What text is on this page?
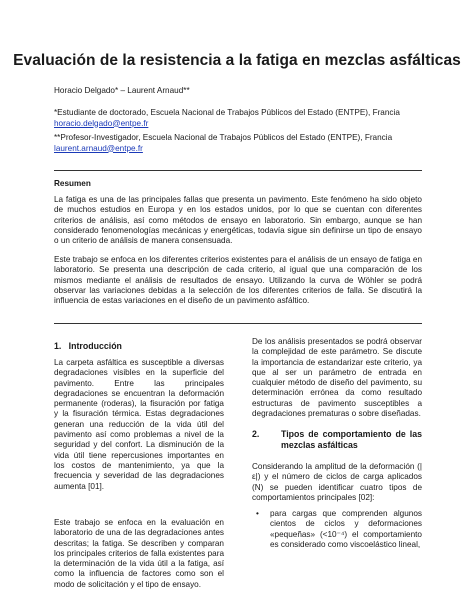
Evaluación de la resistencia a la fatiga en mezclas asfálticas
Horacio Delgado* – Laurent Arnaud**
*Estudiante de doctorado, Escuela Nacional de Trabajos Públicos del Estado (ENTPE), Francia
horacio.delgado@entpe.fr
**Profesor-Investigador, Escuela Nacional de Trabajos Públicos del Estado (ENTPE), Francia
laurent.arnaud@entpe.fr
Resumen

La fatiga es una de las principales fallas que presenta un pavimento. Este fenómeno ha sido objeto de muchos estudios en Europa y en los estados unidos, por lo que se cuentan con diferentes criterios de análisis, así como métodos de ensayo en laboratorio. Sin embargo, aunque se han considerado fenomenologías mecánicas y energéticas, todavía sigue sin definirse un tipo de ensayo o un criterio de análisis de manera consensuada.

Este trabajo se enfoca en los diferentes criterios existentes para el análisis de un ensayo de fatiga en laboratorio. Se presenta una descripción de cada criterio, al igual que una comparación de los mismos mediante el análisis de resultados de ensayo. Utilizando la curva de Wöhler se podrá observar las variaciones debidas a la selección de los diferentes criterios de falla. Se discutirá la influencia de estas variaciones en el diseño de un pavimento asfáltico.

1.   Introducción

La carpeta asfáltica es susceptible a diversas degradaciones visibles en la superficie del pavimento. Entre las principales degradaciones se encuentran la deformación permanente (roderas), la fisuración por fatiga y la fisuración térmica. Estas degradaciones generan una reducción de la vida útil del pavimento así como problemas a nivel de la seguridad y del confort. La disminución de la vida útil tiene repercusiones importantes en los costos de mantenimiento, ya que la frecuencia y severidad de las degradaciones aumenta [01].

Este trabajo se enfoca en la evaluación en laboratorio de una de las degradaciones antes descritas; la fatiga. Se describen y comparan los principales criterios de falla existentes para la determinación de la vida útil a la fatiga, así como la influencia de factores como son el modo de solicitación y el tipo de ensayo.

De los análisis presentados se podrá observar la complejidad de este parámetro. Se discute la importancia de estandarizar este criterio, ya que al ser un parámetro de entrada en cualquier método de diseño del pavimento, su determinación errónea da como resultado estructuras de pavimento susceptibles a degradaciones prematuras o sobre diseñadas.

2. Tipos de comportamiento de las
mezclas asfálticas

Considerando la amplitud de la deformación (|ε|) y el número de ciclos de carga aplicados (N) se pueden identificar cuatro tipos de comportamientos principales [02]:

• para cargas que comprenden algunos cientos de ciclos y deformaciones «pequeñas» (<10⁻⁴) el comportamiento es considerado como viscoelástico lineal,
